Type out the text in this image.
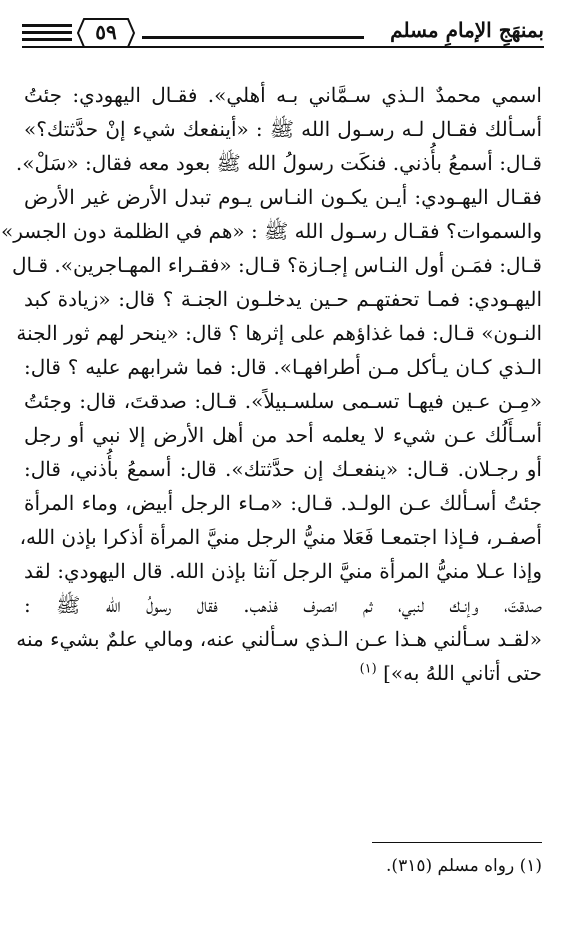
بمنهَجِ الإمامِ مسلم
٥٩
اسمي محمدٌ الـذي سـمَّاني بـه أهلي». فقـال اليهودي: جئتُ
أسـألك فقـال لـه رسـول الله ﷺ : «أينفعك شيء إنْ حدَّثتك؟»
قـال: أسمعُ بأُذني. فنكَت رسولُ الله ﷺ بعود معه فقال: «سَلْ».
فقـال اليهـودي: أيـن يكـون النـاس يـوم تبدل الأرض غير الأرض
والسموات؟ فقـال رسـول الله ﷺ : «هم في الظلمة دون الجسر»
قـال: فمَـن أول النـاس إجـازة؟ قـال: «فقـراء المهـاجرين». قـال
اليهـودي: فمـا تحفتهـم حـين يدخلـون الجنـة ؟ قال: «زيادة كبد
النـون» قـال: فما غذاؤهم على إثرها ؟ قال: «ينحر لهم ثور الجنة
الـذي كـان يـأكل مـن أطرافهـا». قال: فما شرابهم عليه ؟ قال:
«مِـن عـين فيهـا تسـمى سلسـبيلاً». قـال: صدقتَ، قال: وجئتُ
أسـأَلُك عـن شيء لا يعلمه أحد من أهل الأرض إلا نبي أو رجل
أو رجـلان. قـال: «ينفعـك إن حدَّثتك». قال: أسمعُ بأُذني، قال:
جئتُ أسـألك عـن الولـد. قـال: «مـاء الرجل أبيض، وماء المرأة
أصفـر، فـإذا اجتمعـا فَعَلا منيُّ الرجل منيَّ المرأة أذكرا بإذن الله،
وإذا عـلا منيُّ المرأة منيَّ الرجل آنثا بإذن الله. قال اليهودي: لقد
صدقتَ، وإنـك لنبي، ثم انصرف فذهب. فقال رسولُ الله ﷺ :
«لقـد سـألني هـذا عـن الـذي سـألني عنه، ومالي علمٌ بشيء منه
حتى أتاني اللهُ به»] $^{(١)}$
(١) رواه مسلم (٣١٥).
